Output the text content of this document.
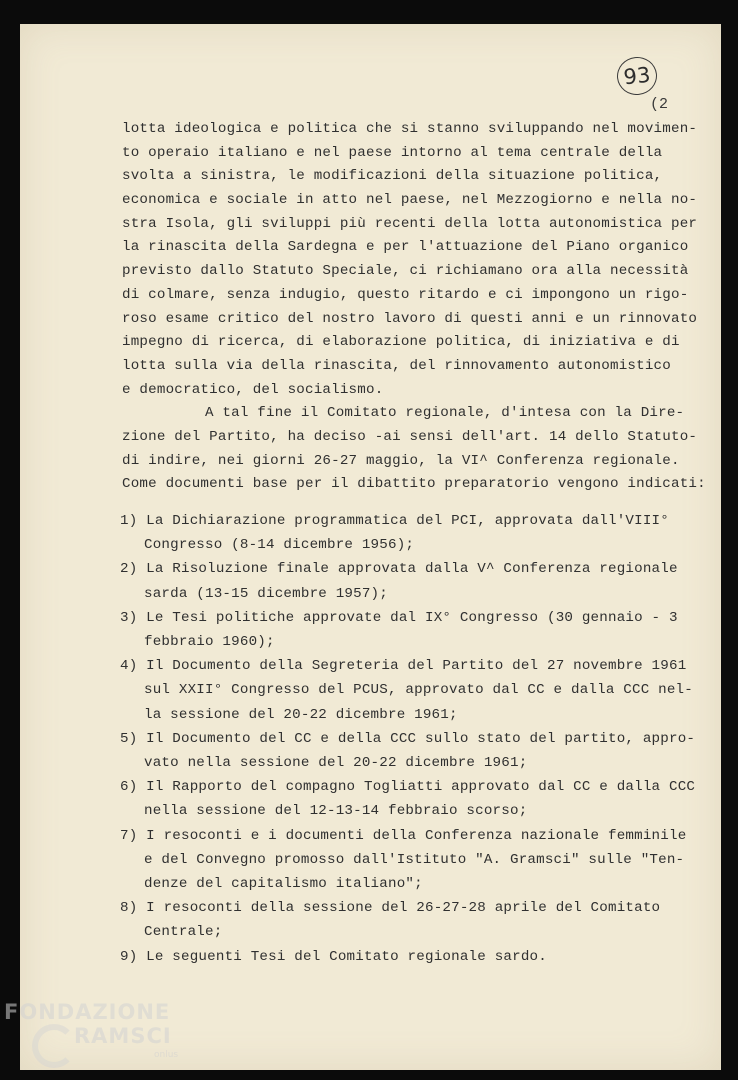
93
(2
lotta ideologica e politica che si stanno sviluppando nel movimen-
to operaio italiano e nel paese intorno al tema centrale della
svolta a sinistra, le modificazioni della situazione politica,
economica e sociale in atto nel paese, nel Mezzogiorno e nella no-
stra Isola, gli sviluppi più recenti della lotta autonomistica per
la rinascita della Sardegna e per l'attuazione del Piano organico
previsto dallo Statuto Speciale, ci richiamano ora alla necessità
di colmare, senza indugio, questo ritardo e ci impongono un rigo-
roso esame critico del nostro lavoro di questi anni e un rinnovato
impegno di ricerca, di elaborazione politica, di iniziativa e di
lotta sulla via della rinascita, del rinnovamento autonomistico
e democratico, del socialismo.
A tal fine il Comitato regionale, d'intesa con la Dire-
zione del Partito, ha deciso -ai sensi dell'art. 14 dello Statuto-
di indire, nei giorni 26-27 maggio, la VI^ Conferenza regionale.
Come documenti base per il dibattito preparatorio vengono indicati:
1) La Dichiarazione programmatica del PCI, approvata dall'VIII°
Congresso (8-14 dicembre 1956);
2) La Risoluzione finale approvata dalla V^ Conferenza regionale
sarda (13-15 dicembre 1957);
3) Le Tesi politiche approvate dal IX° Congresso (30 gennaio - 3
febbraio 1960);
4) Il Documento della Segreteria del Partito del 27 novembre 1961
sul XXII° Congresso del PCUS, approvato dal CC e dalla CCC nel-
la sessione del 20-22 dicembre 1961;
5) Il Documento del CC e della CCC sullo stato del partito, appro-
vato nella sessione del 20-22 dicembre 1961;
6) Il Rapporto del compagno Togliatti approvato dal CC e dalla CCC
nella sessione del 12-13-14 febbraio scorso;
7) I resoconti e i documenti della Conferenza nazionale femminile
e del Convegno promosso dall'Istituto "A. Gramsci" sulle "Ten-
denze del capitalismo italiano";
8) I resoconti della sessione del 26-27-28 aprile del Comitato
Centrale;
9) Le seguenti Tesi del Comitato regionale sardo.
FONDAZIONE
RAMSCI
onlus
